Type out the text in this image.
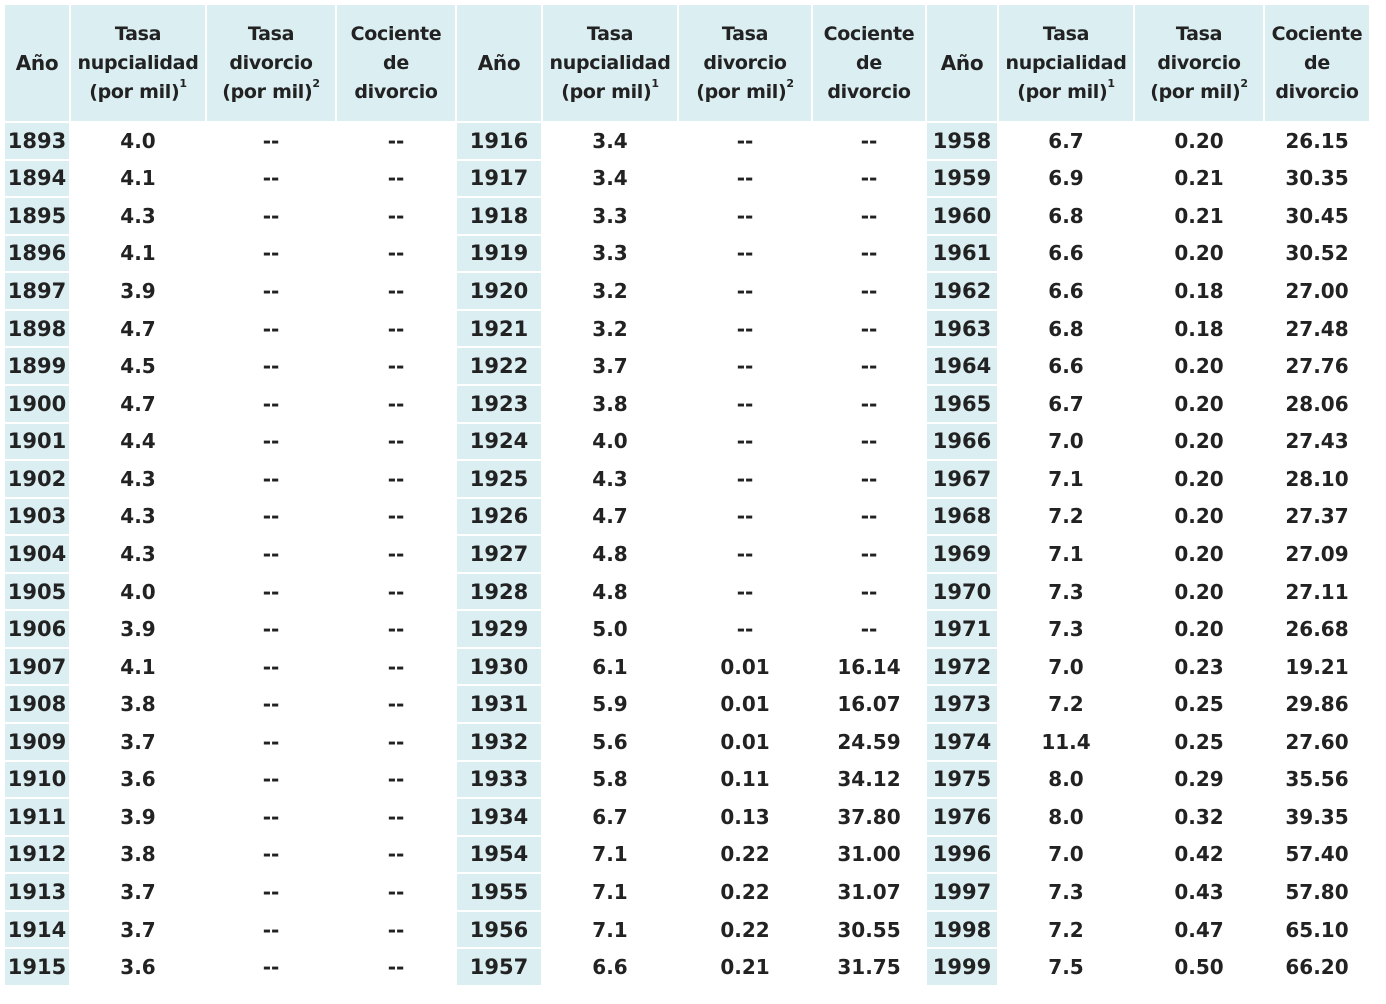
Año	Tasa
nupcialidad
(por mil)$^1$	Tasa
divorcio
(por mil)$^2$	Cociente
de
divorcio	Año	Tasa
nupcialidad
(por mil)$^1$	Tasa
divorcio
(por mil)$^2$	Cociente
de
divorcio	Año	Tasa
nupcialidad
(por mil)$^1$	Tasa
divorcio
(por mil)$^2$	Cociente
de
divorcio
1893	4.0	--	--	1916	3.4	--	--	1958	6.7	0.20	26.15
1894	4.1	--	--	1917	3.4	--	--	1959	6.9	0.21	30.35
1895	4.3	--	--	1918	3.3	--	--	1960	6.8	0.21	30.45
1896	4.1	--	--	1919	3.3	--	--	1961	6.6	0.20	30.52
1897	3.9	--	--	1920	3.2	--	--	1962	6.6	0.18	27.00
1898	4.7	--	--	1921	3.2	--	--	1963	6.8	0.18	27.48
1899	4.5	--	--	1922	3.7	--	--	1964	6.6	0.20	27.76
1900	4.7	--	--	1923	3.8	--	--	1965	6.7	0.20	28.06
1901	4.4	--	--	1924	4.0	--	--	1966	7.0	0.20	27.43
1902	4.3	--	--	1925	4.3	--	--	1967	7.1	0.20	28.10
1903	4.3	--	--	1926	4.7	--	--	1968	7.2	0.20	27.37
1904	4.3	--	--	1927	4.8	--	--	1969	7.1	0.20	27.09
1905	4.0	--	--	1928	4.8	--	--	1970	7.3	0.20	27.11
1906	3.9	--	--	1929	5.0	--	--	1971	7.3	0.20	26.68
1907	4.1	--	--	1930	6.1	0.01	16.14	1972	7.0	0.23	19.21
1908	3.8	--	--	1931	5.9	0.01	16.07	1973	7.2	0.25	29.86
1909	3.7	--	--	1932	5.6	0.01	24.59	1974	11.4	0.25	27.60
1910	3.6	--	--	1933	5.8	0.11	34.12	1975	8.0	0.29	35.56
1911	3.9	--	--	1934	6.7	0.13	37.80	1976	8.0	0.32	39.35
1912	3.8	--	--	1954	7.1	0.22	31.00	1996	7.0	0.42	57.40
1913	3.7	--	--	1955	7.1	0.22	31.07	1997	7.3	0.43	57.80
1914	3.7	--	--	1956	7.1	0.22	30.55	1998	7.2	0.47	65.10
1915	3.6	--	--	1957	6.6	0.21	31.75	1999	7.5	0.50	66.20
